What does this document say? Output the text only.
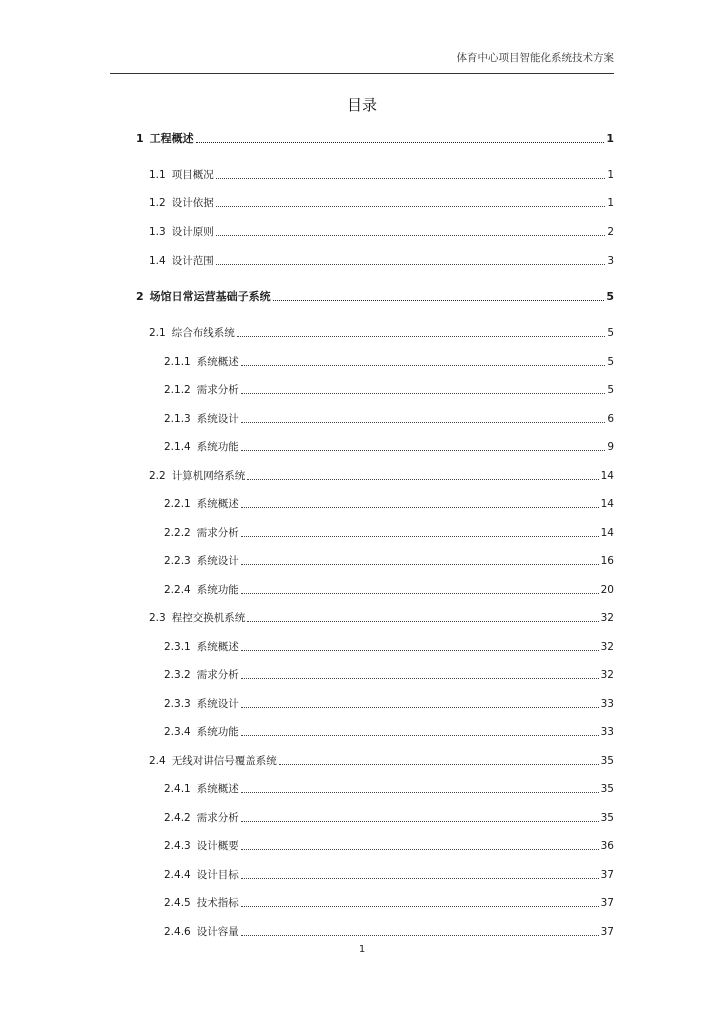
体育中心项目智能化系统技术方案
目录
1 工程概述	1
1.1 项目概况	1
1.2 设计依据	1
1.3 设计原则	2
1.4 设计范围	3
2 场馆日常运营基础子系统	5
2.1 综合布线系统	5
2.1.1 系统概述	5
2.1.2 需求分析	5
2.1.3 系统设计	6
2.1.4 系统功能	9
2.2 计算机网络系统	14
2.2.1 系统概述	14
2.2.2 需求分析	14
2.2.3 系统设计	16
2.2.4 系统功能	20
2.3 程控交换机系统	32
2.3.1 系统概述	32
2.3.2 需求分析	32
2.3.3 系统设计	33
2.3.4 系统功能	33
2.4 无线对讲信号覆盖系统	35
2.4.1 系统概述	35
2.4.2 需求分析	35
2.4.3 设计概要	36
2.4.4 设计目标	37
2.4.5 技术指标	37
2.4.6 设计容量	37
1
